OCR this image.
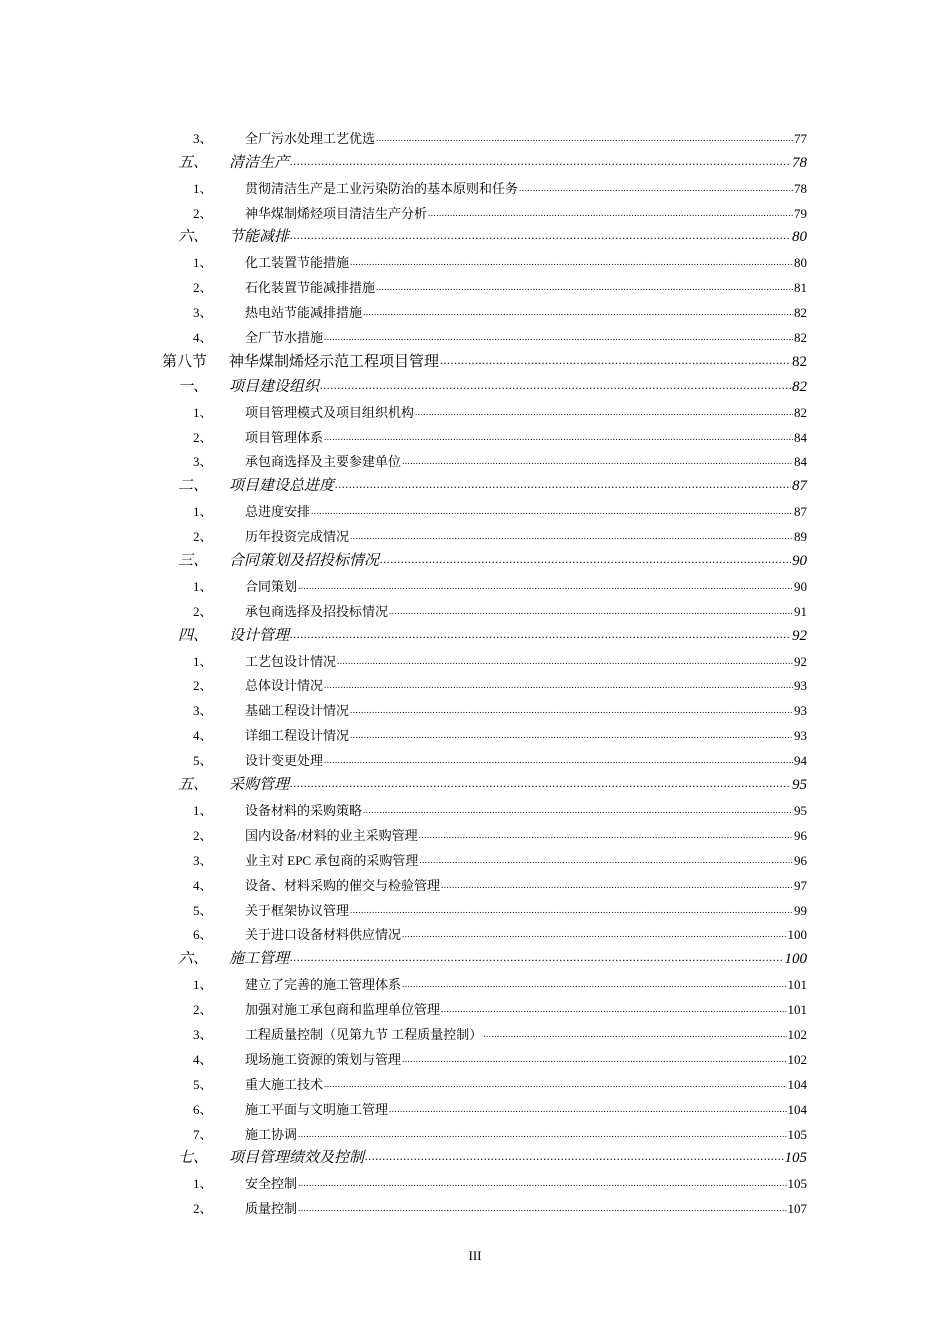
3、 全厂污水处理工艺优选 .....	77
五、 清洁生产 .....	78
1、 贯彻清洁生产是工业污染防治的基本原则和任务 .....	78
2、 神华煤制烯烃项目清洁生产分析 .....	79
六、 节能减排 .....	80
1、 化工装置节能措施 .....	80
2、 石化装置节能减排措施 .....	81
3、 热电站节能减排措施 .....	82
4、 全厂节水措施 .....	82
第八节 神华煤制烯烃示范工程项目管理 .....	82
一、 项目建设组织 .....	82
1、 项目管理模式及项目组织机构 .....	82
2、 项目管理体系 .....	84
3、 承包商选择及主要参建单位 .....	84
二、 项目建设总进度 .....	87
1、 总进度安排 .....	87
2、 历年投资完成情况 .....	89
三、 合同策划及招投标情况 .....	90
1、 合同策划 .....	90
2、 承包商选择及招投标情况 .....	91
四、 设计管理 .....	92
1、 工艺包设计情况 .....	92
2、 总体设计情况 .....	93
3、 基础工程设计情况 .....	93
4、 详细工程设计情况 .....	93
5、 设计变更处理 .....	94
五、 采购管理 .....	95
1、 设备材料的采购策略 .....	95
2、 国内设备/材料的业主采购管理 .....	96
3、 业主对 EPC 承包商的采购管理 .....	96
4、 设备、材料采购的催交与检验管理 .....	97
5、 关于框架协议管理 .....	99
6、 关于进口设备材料供应情况 .....	100
六、 施工管理 .....	100
1、 建立了完善的施工管理体系 .....	101
2、 加强对施工承包商和监理单位管理 .....	101
3、 工程质量控制（见第九节 工程质量控制） .....	102
4、 现场施工资源的策划与管理 .....	102
5、 重大施工技术 .....	104
6、 施工平面与文明施工管理 .....	104
7、 施工协调 .....	105
七、 项目管理绩效及控制 .....	105
1、 安全控制 .....	105
2、 质量控制 .....	107
III
